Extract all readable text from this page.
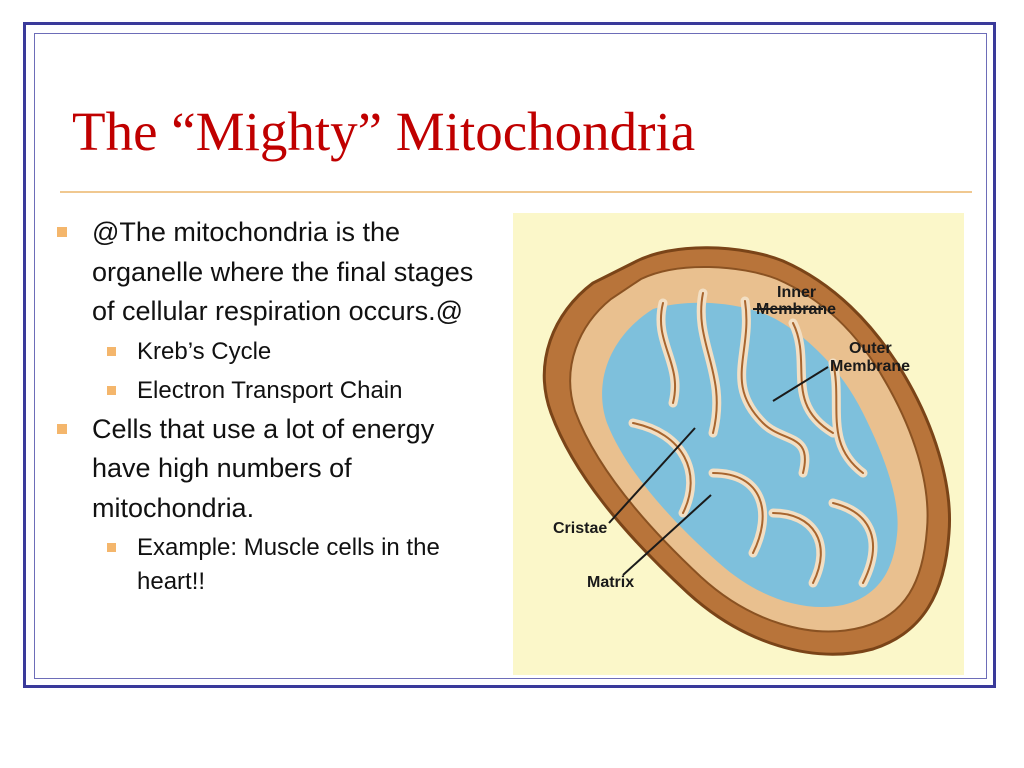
The “Mighty” Mitochondria
@The mitochondria is the organelle where the final stages of cellular respiration occurs.@
Kreb’s Cycle
Electron Transport Chain
Cells that use a lot of energy have high numbers of mitochondria.
Example: Muscle cells in the heart!!
Inner
Membrane
Outer
Membrane
Cristae
Matrix
